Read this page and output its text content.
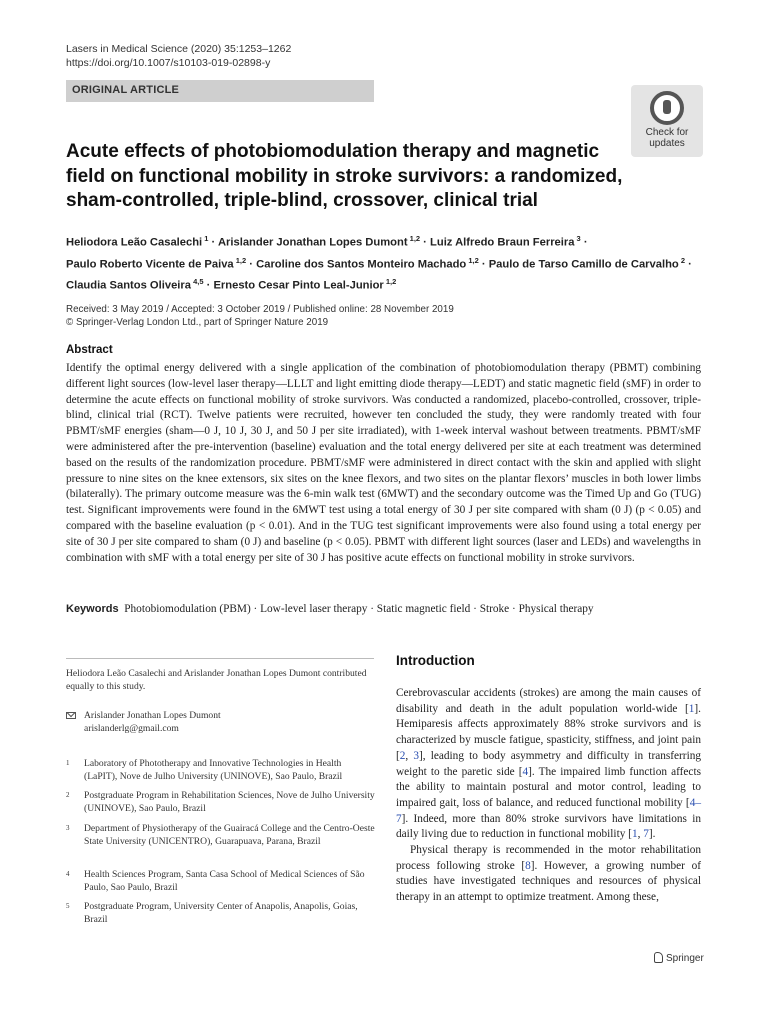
Lasers in Medical Science (2020) 35:1253–1262
https://doi.org/10.1007/s10103-019-02898-y
ORIGINAL ARTICLE
Check for updates
Acute effects of photobiomodulation therapy and magnetic field on functional mobility in stroke survivors: a randomized, sham-controlled, triple-blind, crossover, clinical trial
Heliodora Leão Casalechi $^1$ · Arislander Jonathan Lopes Dumont $^{1,2}$ · Luiz Alfredo Braun Ferreira $^3$ ·
Paulo Roberto Vicente de Paiva $^{1,2}$ · Caroline dos Santos Monteiro Machado $^{1,2}$ · Paulo de Tarso Camillo de Carvalho $^2$ ·
Claudia Santos Oliveira $^{4,5}$ · Ernesto Cesar Pinto Leal-Junior $^{1,2}$
Received: 3 May 2019 / Accepted: 3 October 2019 / Published online: 28 November 2019
© Springer-Verlag London Ltd., part of Springer Nature 2019
Abstract
Identify the optimal energy delivered with a single application of the combination of photobiomodulation therapy (PBMT) combining different light sources (low-level laser therapy—LLLT and light emitting diode therapy—LEDT) and static magnetic field (sMF) in order to determine the acute effects on functional mobility of stroke survivors. Was conducted a randomized, placebo-controlled, crossover, triple-blind, clinical trial (RCT). Twelve patients were recruited, however ten concluded the study, they were randomly treated with four PBMT/sMF energies (sham—0 J, 10 J, 30 J, and 50 J per site irradiated), with 1-week interval washout between treatments. PBMT/sMF were administered after the pre-intervention (baseline) evaluation and the total energy delivered per site at each treatment was determined based on the results of the randomization procedure. PBMT/sMF were administered in direct contact with the skin and applied with slight pressure to nine sites on the knee extensors, six sites on the knee flexors, and two sites on the plantar flexors’ muscles in both lower limbs (bilaterally). The primary outcome measure was the 6-min walk test (6MWT) and the secondary outcome was the Timed Up and Go (TUG) test. Significant improvements were found in the 6MWT test using a total energy of 30 J per site compared with sham (0 J) (p < 0.05) and compared with the baseline evaluation (p < 0.01). And in the TUG test significant improvements were also found using a total energy per site of 30 J per site compared to sham (0 J) and baseline (p < 0.05). PBMT with different light sources (laser and LEDs) and wavelengths in combination with sMF with a total energy per site of 30 J has positive acute effects on functional mobility in stroke survivors.
Keywords Photobiomodulation (PBM) · Low-level laser therapy · Static magnetic field · Stroke · Physical therapy
Heliodora Leão Casalechi and Arislander Jonathan Lopes Dumont contributed equally to this study.
Arislander Jonathan Lopes Dumont
arislanderlg@gmail.com
1 Laboratory of Phototherapy and Innovative Technologies in Health (LaPIT), Nove de Julho University (UNINOVE), Sao Paulo, Brazil
2 Postgraduate Program in Rehabilitation Sciences, Nove de Julho University (UNINOVE), Sao Paulo, Brazil
3 Department of Physiotherapy of the Guairacá College and the Centro-Oeste State University (UNICENTRO), Guarapuava, Parana, Brazil
4 Health Sciences Program, Santa Casa School of Medical Sciences of São Paulo, Sao Paulo, Brazil
5 Postgraduate Program, University Center of Anapolis, Anapolis, Goias, Brazil
Introduction

Cerebrovascular accidents (strokes) are among the main causes of disability and death in the adult population world-wide [1]. Hemiparesis affects approximately 88% stroke survivors and is characterized by muscle fatigue, spasticity, stiffness, and joint pain [2, 3], leading to body asymmetry and difficulty in transferring weight to the paretic side [4]. The impaired limb function affects the ability to maintain postural and motor control, leading to impaired gait, loss of balance, and reduced functional mobility [4–7]. Indeed, more than 80% stroke survivors have limitations in daily living due to reduction in functional mobility [1, 7].

Physical therapy is recommended in the motor rehabilitation process following stroke [8]. However, a growing number of studies have investigated techniques and resources of physical therapy in an attempt to optimize treatment. Among these,

Springer
